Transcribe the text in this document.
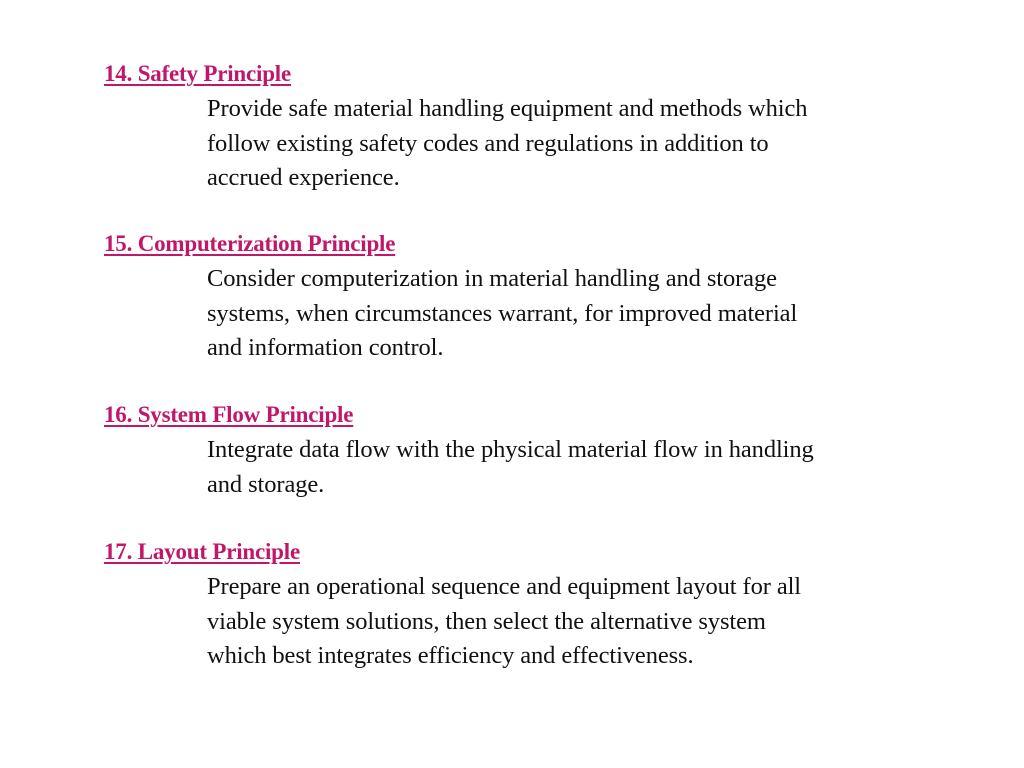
14. Safety Principle
Provide safe material handling equipment and methods which
follow existing safety codes and regulations in addition to
accrued experience.
15. Computerization Principle
Consider computerization in material handling and storage
systems, when circumstances warrant, for improved material
and information control.
16. System Flow Principle
Integrate data flow with the physical material flow in handling
and storage.
17. Layout Principle
Prepare an operational sequence and equipment layout for all
viable system solutions, then select the alternative system
which best integrates efficiency and effectiveness.
